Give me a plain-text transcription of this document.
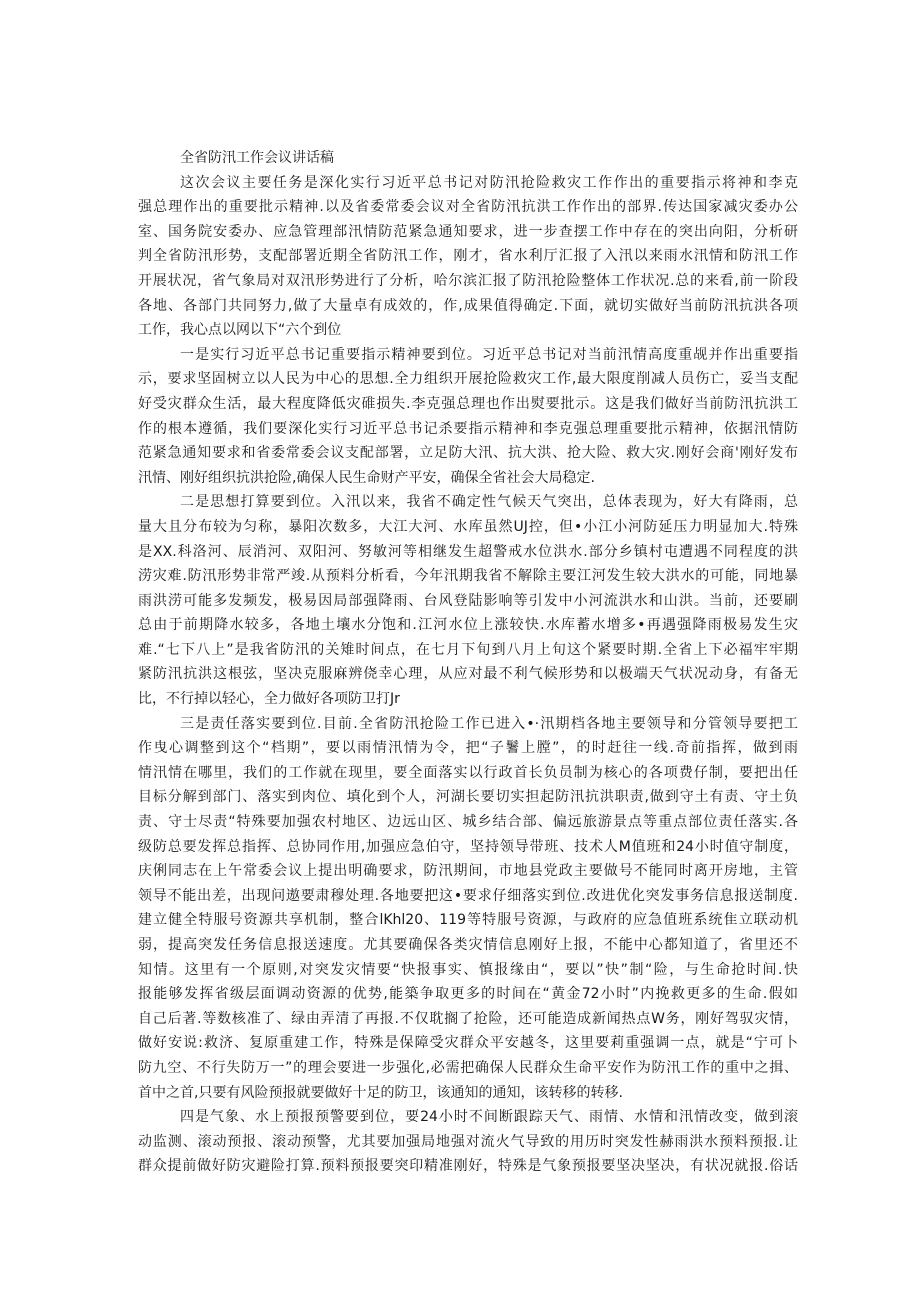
全省防汛工作会议讲话稿
这次会议主要任务是深化实行习近平总书记对防汛抢险救灾工作作出的重要指示将神和李克
强总理作出的重要批示精神.以及省委常委会议对全省防汛抗洪工作作出的部界.传达国家减灾委办公
室、国务院安委办、应急管理部汛情防范紧急通知要求，进一步查摆工作中存在的突出向阳，分析研
判全省防汛形势，支配部署近期全省防汛工作，刚才，省水利厅汇报了入汛以来雨水汛情和防汛工作
开展状况，省气象局对双汛形势进行了分析，哈尔滨汇报了防汛抢险整体工作状况.总的来看,前一阶段
各地、各部门共同努力,做了大量卓有成效的，作,成果值得确定.下面，就切实做好当前防汛抗洪各项
工作，我心点以网以下“六个到位
一是实行习近平总书记重要指示精神要到位。习近平总书记对当前汛情高度重觇并作出重要指
示，要求坚固树立以人民为中心的思想.全力组织开展抢险救灾工作,最大限度削减人员伤亡，妥当支配
好受灾群众生活，最大程度降低灾碓损失.李克强总理也作出熨要批示。这是我们做好当前防汛抗洪工
作的根本遵循，我们要深化实行习近平总书记杀要指示精神和李克强总理重要批示精神，依据汛情防
范紧急通知要求和省委常委会议支配部署，立足防大汛、抗大洪、抢大险、救大灾.刚好会商'刚好发布
汛情、刚好组织抗洪抢险,确保人民生命财产平安，确保全省社会大局稳定.
二是思想打算要到位。入汛以来，我省不确定性气候天气突出，总体表现为，好大有降雨，总
量大且分布较为匀称，暴阳次数多，大江大河、水库虽然UJ控，但•小江小河防延压力明显加大.特殊
是XX.科洛河、辰消河、双阳河、努敏河等相继发生超警戒水位洪水.部分乡镇村屯遭遇不同程度的洪
涝灾难.防汛形势非常严竣.从预料分析看，今年汛期我省不解除主要江河发生较大洪水的可能，同地暴
雨洪涝可能多发频发，极易因局部强降雨、台风登陆影响等引发中小河流洪水和山洪。当前，还要刷
总由于前期降水较多，各地土壤水分饱和.江河水位上涨较快.水库蓄水增多•再遇强降雨极易发生灾
难.“七下八上”是我省防汛的关雉时间点，在七月下旬到八月上旬这个紧要时期.全省上下必福牢牢期
紧防汛抗洪这根弦，坚决克服麻辨侥幸心理，从应对最不利气候形势和以极端天气状况动身，有备无
比，不行掉以轻心，全力做好各项防卫打Jr
三是责任落实要到位.目前.全省防汛抢险工作已进入•·汛期档各地主要领导和分管领导要把工
作曳心调整到这个“档期”，要以雨情汛情为令，把“子鬐上膛”，的时赶往一线.奇前指挥，做到雨
情汛情在哪里，我们的工作就在现里，要全面落实以行政首长负员制为核心的各项费仔制，要把出任
目标分解到部门、落实到肉位、填化到个人，河湖长要切实担起防汛抗洪职责,做到守土有责、守土负
责、守士尽责“特殊要加强农村地区、边远山区、城乡结合部、偏远旅游景点等重点部位责任落实.各
级防总要发挥总指挥、总协同作用,加强应急伯守，坚持领导带班、技术人M值班和24小时值守制度，
庆俐同志在上午常委会议上提出明确要求，防汛期间，市地县党政主要做号不能同时离开房地，主管
领导不能出差，出现问遨要肃穆处理.各地要把这•要求仔细落实到位.改进优化突发事务信息报送制度.
建立健全特服号资源共享机制，整合lKhl20、119等特服号资源，与政府的应急值班系统隹立联动机
弱，提高突发任务信息报送速度。尤其要确保各类灾情信息刚好上报，不能中心都知道了，省里还不
知情。这里有一个原则,对突发灾情要“快报事实、慎报缘由“，要以”快”制“险，与生命抢时间.快
报能够发挥省级层面调动资源的优势,能築争取更多的时间在“黄金72小时”内挽救更多的生命.假如
自己后著.等数核准了、绿由弄清了再报.不仅耽搁了抢险，还可能造成新闻热点W务，刚好驾驭灾情，
做好安说:救济、复原重建工作，特殊是保障受灾群众平安越冬，这里要莉重强调一点，就是“宁可卜
防九空、不行失防万一”的理会要进一步强化,必需把确保人民群众生命平安作为防汛工作的重中之揖、
首中之首,只要有风险预报就要做好十足的防卫，该通知的通知，该转移的转移.
四是气象、水上预报预警要到位，要24小时不间断跟踪天气、雨情、水情和汛情改变，做到滚
动监测、滚动预报、滚动预警，尤其要加强局地强对流火气导致的用历时突发性赫雨洪水预料预报.让
群众提前做好防灾避险打算.预料预报要突印精准刚好，特殊是气象预报要坚决坚决，有状况就报.俗话
